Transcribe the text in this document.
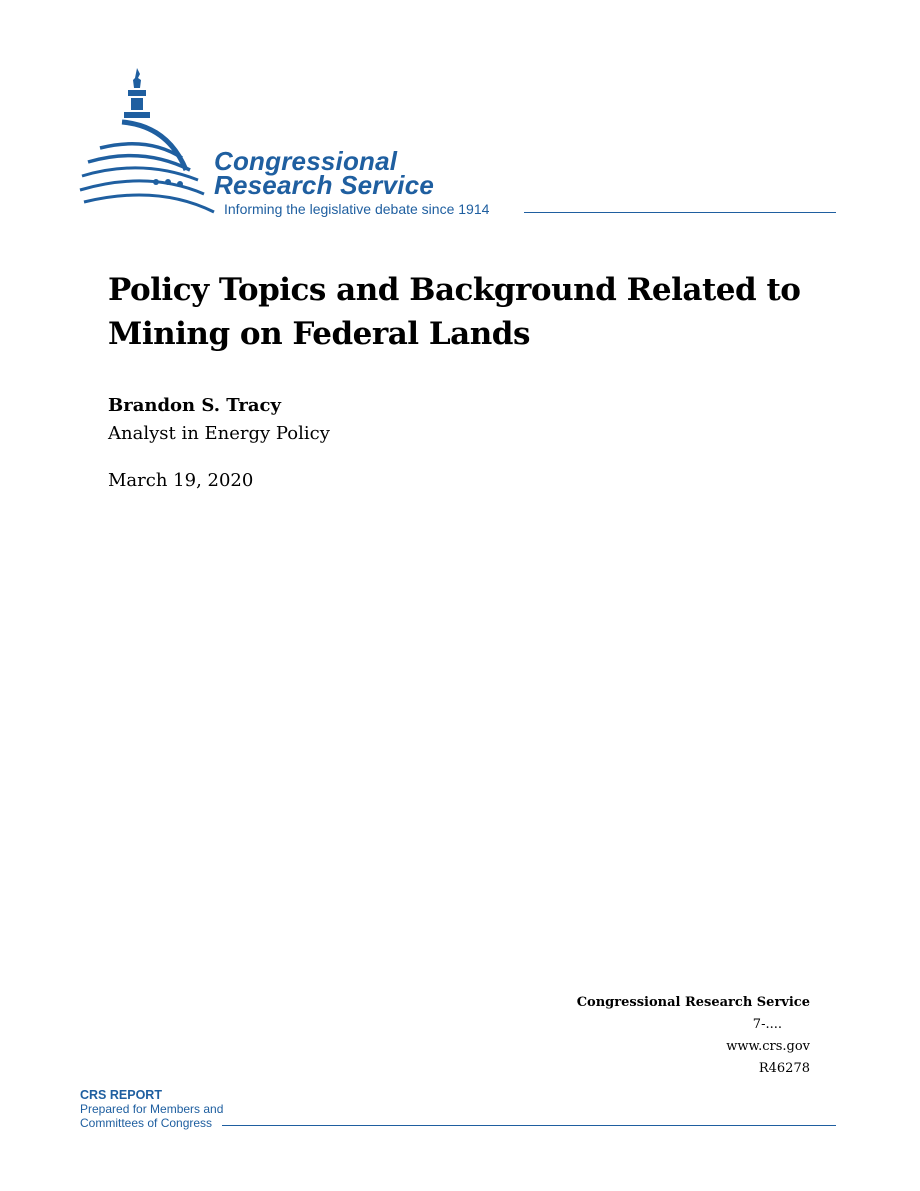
Congressional
Research Service
Informing the legislative debate since 1914
Policy Topics and Background Related to Mining on Federal Lands
Brandon S. Tracy
Analyst in Energy Policy
March 19, 2020
Congressional Research Service
7-....
www.crs.gov
R46278
CRS REPORT
Prepared for Members and
Committees of Congress
